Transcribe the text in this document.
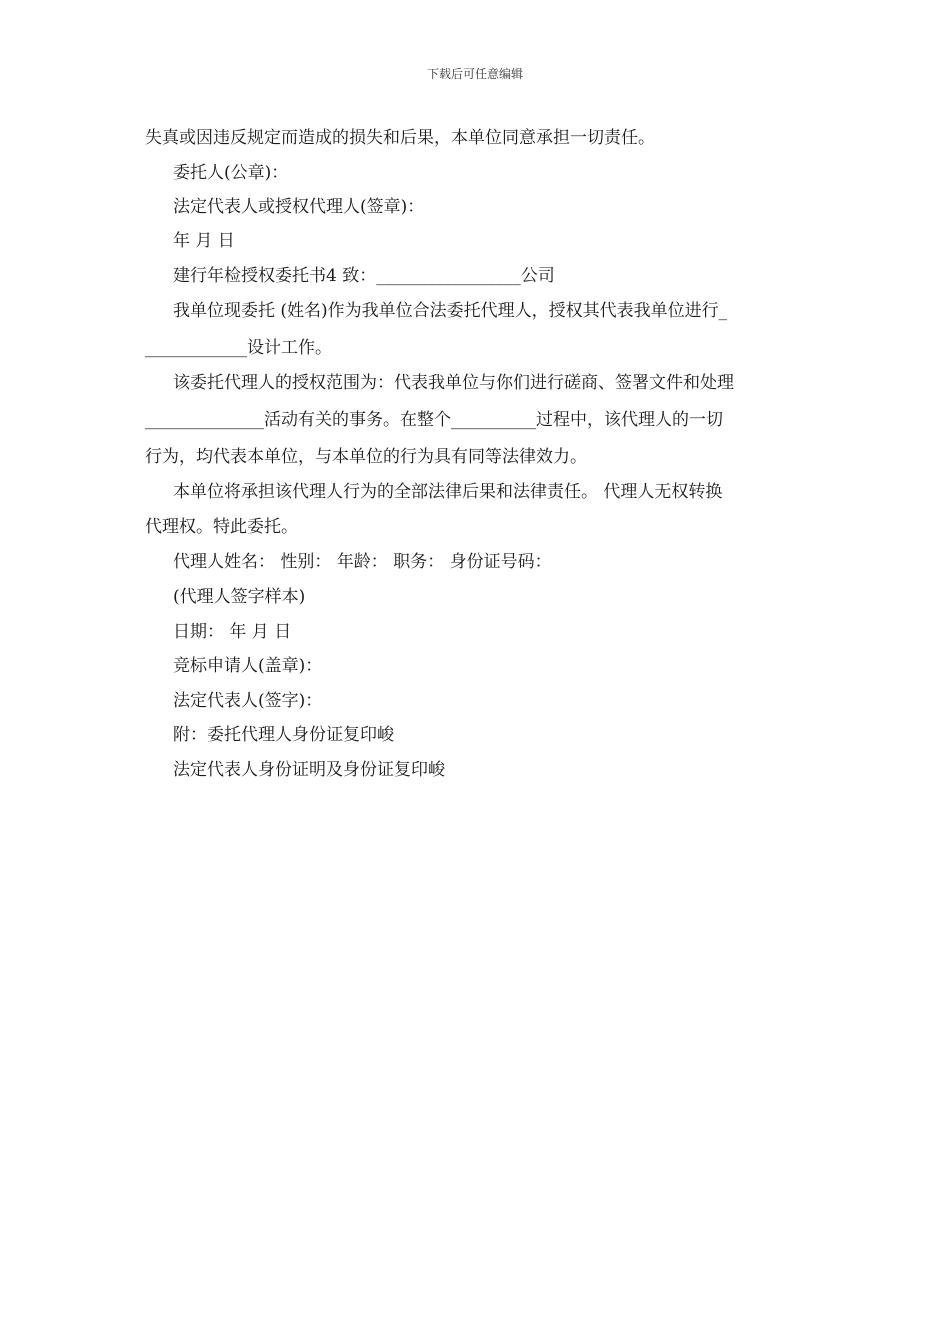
下载后可任意编辑
失真或因违反规定而造成的损失和后果，本单位同意承担一切责任。
委托人(公章)：
法定代表人或授权代理人(签章)：
年 月 日
建行年检授权委托书4 致：_________________公司
我单位现委托 (姓名)作为我单位合法委托代理人，授权其代表我单位进行_
____________设计工作。
该委托代理人的授权范围为：代表我单位与你们进行磋商、签署文件和处理
______________活动有关的事务。在整个__________过程中，该代理人的一切
行为，均代表本单位，与本单位的行为具有同等法律效力。
本单位将承担该代理人行为的全部法律后果和法律责任。 代理人无权转换
代理权。特此委托。
代理人姓名： 性别： 年龄： 职务： 身份证号码：
(代理人签字样本)
日期： 年 月 日
竞标申请人(盖章)：
法定代表人(签字)：
附：委托代理人身份证复印峻
法定代表人身份证明及身份证复印峻
